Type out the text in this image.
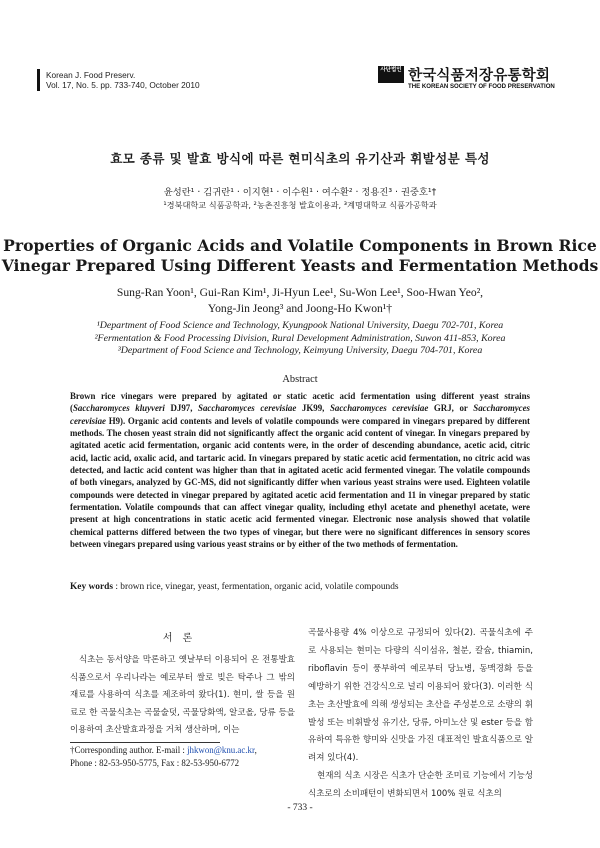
Korean J. Food Preserv.
Vol. 17, No. 5. pp. 733-740, October 2010
사단법인 한국식품저장유통학회
THE KOREAN SOCIETY OF FOOD PRESERVATION
효모 종류 및 발효 방식에 따른 현미식초의 유기산과 휘발성분 특성
윤성란¹ · 김귀란¹ · 이지현¹ · 이수원¹ · 여수환² · 정용진³ · 권중호¹†
¹경북대학교 식품공학과, ²농촌진흥청 발효이용과, ³계명대학교 식품가공학과
Properties of Organic Acids and Volatile Components in Brown Rice
Vinegar Prepared Using Different Yeasts and Fermentation Methods
Sung-Ran Yoon¹, Gui-Ran Kim¹, Ji-Hyun Lee¹, Su-Won Lee¹, Soo-Hwan Yeo²,
Yong-Jin Jeong³ and Joong-Ho Kwon¹†
¹Department of Food Science and Technology, Kyungpook National University, Daegu 702-701, Korea
²Fermentation & Food Processing Division, Rural Development Administration, Suwon 411-853, Korea
³Department of Food Science and Technology, Keimyung University, Daegu 704-701, Korea
Abstract
Brown rice vinegars were prepared by agitated or static acetic acid fermentation using different yeast strains (Saccharomyces kluyveri DJ97, Saccharomyces cerevisiae JK99, Saccharomyces cerevisiae GRJ, or Saccharomyces cerevisiae H9). Organic acid contents and levels of volatile compounds were compared in vinegars prepared by different methods. The chosen yeast strain did not significantly affect the organic acid content of vinegar. In vinegars prepared by agitated acetic acid fermentation, organic acid contents were, in the order of descending abundance, acetic acid, citric acid, lactic acid, oxalic acid, and tartaric acid. In vinegars prepared by static acetic acid fermentation, no citric acid was detected, and lactic acid content was higher than that in agitated acetic acid fermented vinegar. The volatile compounds of both vinegars, analyzed by GC-MS, did not significantly differ when various yeast strains were used. Eighteen volatile compounds were detected in vinegar prepared by agitated acetic acid fermentation and 11 in vinegar prepared by static fermentation. Volatile compounds that can affect vinegar quality, including ethyl acetate and phenethyl acetate, were present at high concentrations in static acetic acid fermented vinegar. Electronic nose analysis showed that volatile chemical patterns differed between the two types of vinegar, but there were no significant differences in sensory scores between vinegars prepared using various yeast strains or by either of the two methods of fermentation.
Key words : brown rice, vinegar, yeast, fermentation, organic acid, volatile compounds
서론

식초는 동서양을 막론하고 옛날부터 이용되어 온 전통발효식품으로서 우리나라는 예로부터 쌀로 빚은 탁주나 그 밖의 재료를 사용하여 식초를 제조하여 왔다(1). 현미, 쌀 등을 원료로 한 곡물식초는 곡물술덧, 곡물당화액, 알코올, 당류 등을 이용하여 초산발효과정을 거쳐 생산하며, 이는

곡물사용량 4% 이상으로 규정되어 있다(2). 곡물식초에 주로 사용되는 현미는 다량의 식이섬유, 철분, 칼슘, thiamin, riboflavin 등이 풍부하여 예로부터 당뇨병, 동맥경화 등을 예방하기 위한 건강식으로 널리 이용되어 왔다(3). 이러한 식초는 초산발효에 의해 생성되는 초산을 주성분으로 소량의 휘발성 또는 비휘발성 유기산, 당류, 아미노산 및 ester 등을 함유하여 특유한 향미와 신맛을 가진 대표적인 발효식품으로 알려져 있다(4).

현재의 식초 시장은 식초가 단순한 조미료 기능에서 기능성 식초로의 소비패턴이 변화되면서 100% 원료 식초의

†Corresponding author. E-mail : jhkwon@knu.ac.kr,
Phone : 82-53-950-5775, Fax : 82-53-950-6772
- 733 -
